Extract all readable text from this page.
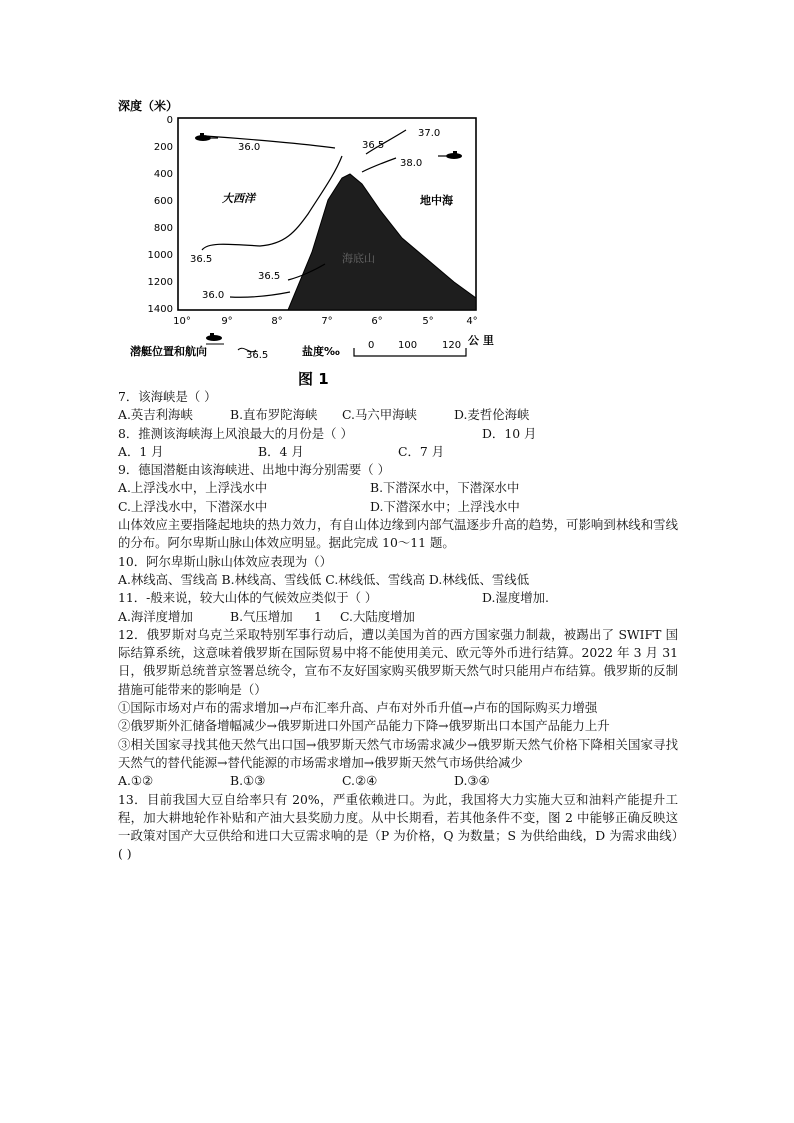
深度（米）
0
200
400
600
800
1000
1200
1400
10°	9°	8°	7°	6°	5°	4°
海底山
36.0	36.5
37.0
38.0
36.5
36.5
36.0
大西洋	地中海
潜艇位置和航向	36.5	盐度‰	0 100 120 公 里
图 1

7．该海峡是（ ）

A.英吉利海峡	B.直布罗陀海峡	C.马六甲海峡	D.麦哲伦海峡
8．推测该海峡海上风浪最大的月份是（ ）	D．10 月
A．1 月	B．4 月	C．7 月

9．德国潜艇由该海峡进、出地中海分别需要（ ）

A.上浮浅水中，上浮浅水中	B.下潜深水中，下潜深水中
C.上浮浅水中，下潜深水中	D.下潜深水中；上浮浅水中

山体效应主要指隆起地块的热力效力，有自山体边缘到内部气温逐步升高的趋势，可影响到林线和雪线的分布。阿尔卑斯山脉山体效应明显。据此完成 10～11 题。

10．阿尔卑斯山脉山体效应表现为（）

A.林线高、雪线高 B.林线高、雪线低 C.林线低、雪线高 D.林线低、雪线低

11．-般来说，较大山体的气候效应类似于（ ）	D.湿度增加.
A.海洋度增加	B.气压增加	1	C.大陆度增加

12．俄罗斯对乌克兰采取特别军事行动后，遭以美国为首的西方国家强力制裁，被踢出了 SWIFT 国际结算系统，这意味着俄罗斯在国际贸易中将不能使用美元、欧元等外币进行结算。2022 年 3 月 31 日，俄罗斯总统普京签署总统令，宣布不友好国家购买俄罗斯天然气时只能用卢布结算。俄罗斯的反制措施可能带来的影响是（）

①国际市场对卢布的需求增加→卢布汇率升高、卢布对外币升值→卢布的国际购买力增强

②俄罗斯外汇储备增幅减少→俄罗斯进口外国产品能力下降→俄罗斯出口本国产品能力上升

③相关国家寻找其他天然气出口国→俄罗斯天然气市场需求减少→俄罗斯天然气价格下降相关国家寻找天然气的替代能源→替代能源的市场需求增加→俄罗斯天然气市场供给减少

A.①②	B.①③	C.②④	D.③④

13．目前我国大豆自给率只有 20%，严重依赖进口。为此，我国将大力实施大豆和油料产能提升工程，加大耕地轮作补贴和产油大县奖励力度。从中长期看，若其他条件不变，图 2 中能够正确反映这一政策对国产大豆供给和进口大豆需求响的是（P 为价格，Q 为数量；S 为供给曲线，D 为需求曲线）( )
